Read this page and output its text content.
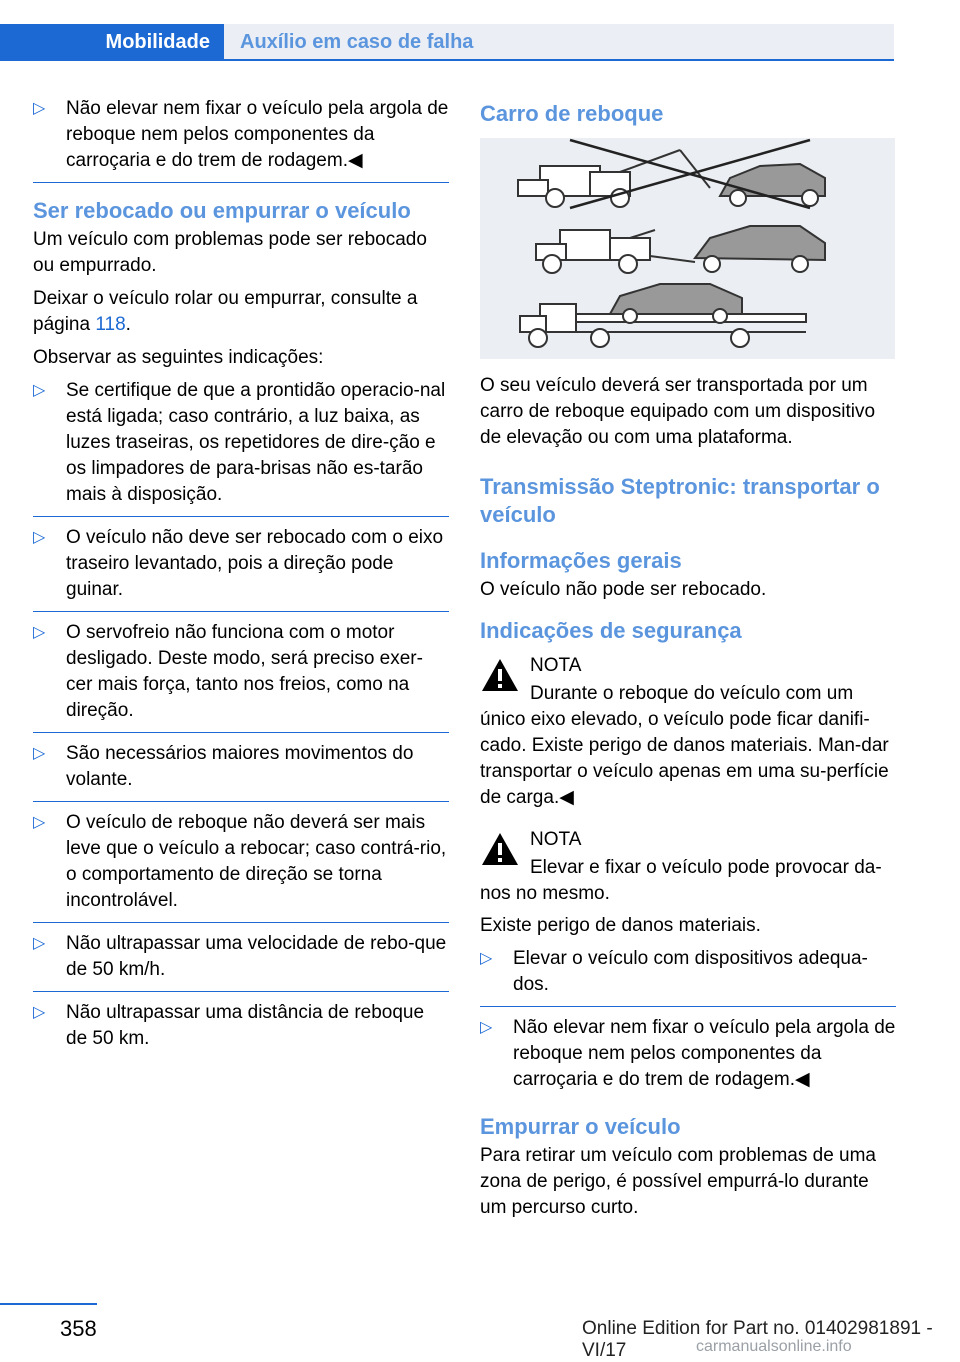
Mobilidade	Auxílio em caso de falha
▷ Não elevar nem fixar o veículo pela argola de reboque nem pelos componentes da carroçaria e do trem de rodagem.◀
Ser rebocado ou empurrar o veículo

Um veículo com problemas pode ser rebocado ou empurrado.

Deixar o veículo rolar ou empurrar, consulte a página 118.

Observar as seguintes indicações:

▷ Se certifique de que a prontidão operacio-nal está ligada; caso contrário, a luz baixa, as luzes traseiras, os repetidores de dire-ção e os limpadores de para-brisas não es-tarão mais à disposição.
▷ O veículo não deve ser rebocado com o eixo traseiro levantado, pois a direção pode guinar.
▷ O servofreio não funciona com o motor desligado. Deste modo, será preciso exer-cer mais força, tanto nos freios, como na direção.
▷ São necessários maiores movimentos do volante.
▷ O veículo de reboque não deverá ser mais leve que o veículo a rebocar; caso contrá-rio, o comportamento de direção se torna incontrolável.
▷ Não ultrapassar uma velocidade de rebo-que de 50 km/h.
▷ Não ultrapassar uma distância de reboque de 50 km.
Carro de reboque

O seu veículo deverá ser transportada por um carro de reboque equipado com um dispositivo de elevação ou com uma plataforma.

Transmissão Steptronic: transportar o veículo
Informações gerais

O veículo não pode ser rebocado.

Indicações de segurança
NOTA
Durante o reboque do veículo com um único eixo elevado, o veículo pode ficar danifi-cado. Existe perigo de danos materiais. Man-dar transportar o veículo apenas em uma su-perfície de carga.◀
NOTA
Elevar e fixar o veículo pode provocar da-nos no mesmo.

Existe perigo de danos materiais.

▷ Elevar o veículo com dispositivos adequa-dos.
▷ Não elevar nem fixar o veículo pela argola de reboque nem pelos componentes da carroçaria e do trem de rodagem.◀
Empurrar o veículo

Para retirar um veículo com problemas de uma zona de perigo, é possível empurrá-lo durante um percurso curto.

358	Online Edition for Part no. 01402981891 - VI/17	carmanualsonline.info
